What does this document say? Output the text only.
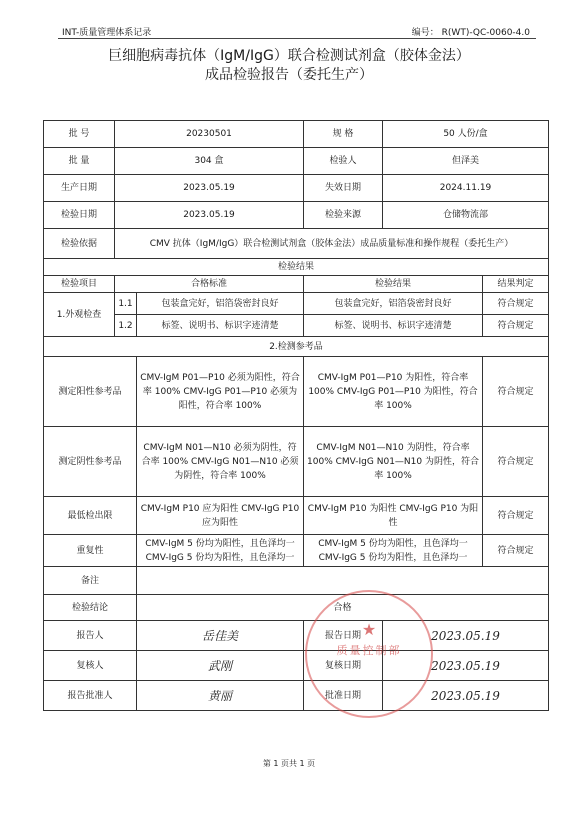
INT-质量管理体系记录	编号： R(WT)-QC-0060-4.0
巨细胞病毒抗体（IgM/IgG）联合检测试剂盒（胶体金法）
成品检验报告（委托生产）
批 号	20230501		规 格	50 人份/盒	
批 量	304 盒		检验人	但泽美	
生产日期	2023.05.19		失效日期	2024.11.19	
检验日期	2023.05.19		检验来源	仓储物流部	
检验依据	CMV 抗体（IgM/IgG）联合检测试剂盒（胶体金法）成品质量标准和操作规程（委托生产）				
检验结果					
检验项目	合格标准		检验结果		结果判定
1.外观检查	1.1	包装盒完好，铝箔袋密封良好	包装盒完好，铝箔袋密封良好		符合规定
	1.2	标签、说明书、标识字迹清楚	标签、说明书、标识字迹清楚		符合规定
2.检测参考品					
测定阳性参考品		CMV-IgM P01—P10 必须为阳性，符合率 100% CMV-IgG P01—P10 必须为阳性，符合率 100%	CMV-IgM P01—P10 为阳性，符合率 100% CMV-IgG P01—P10 为阳性，符合率 100%		符合规定
测定阴性参考品		CMV-IgM N01—N10 必须为阴性，符合率 100% CMV-IgG N01—N10 必须为阴性，符合率 100%	CMV-IgM N01—N10 为阴性，符合率 100% CMV-IgG N01—N10 为阴性，符合率 100%		符合规定
最低检出限		CMV-IgM P10 应为阳性 CMV-IgG P10 应为阳性	CMV-IgM P10 为阳性 CMV-IgG P10 为阳性		符合规定
重复性		CMV-IgM 5 份均为阳性，且色泽均一 CMV-IgG 5 份均为阳性，且色泽均一	CMV-IgM 5 份均为阳性，且色泽均一 CMV-IgG 5 份均为阳性，且色泽均一		符合规定
备注					
检验结论		合格			
报告人		岳佳美	报告日期	2023.05.19	
复核人		武刚	复核日期	2023.05.19	
报告批准人		黄丽	批准日期	2023.05.19	
★
质量控制部
第 1 页共 1 页
